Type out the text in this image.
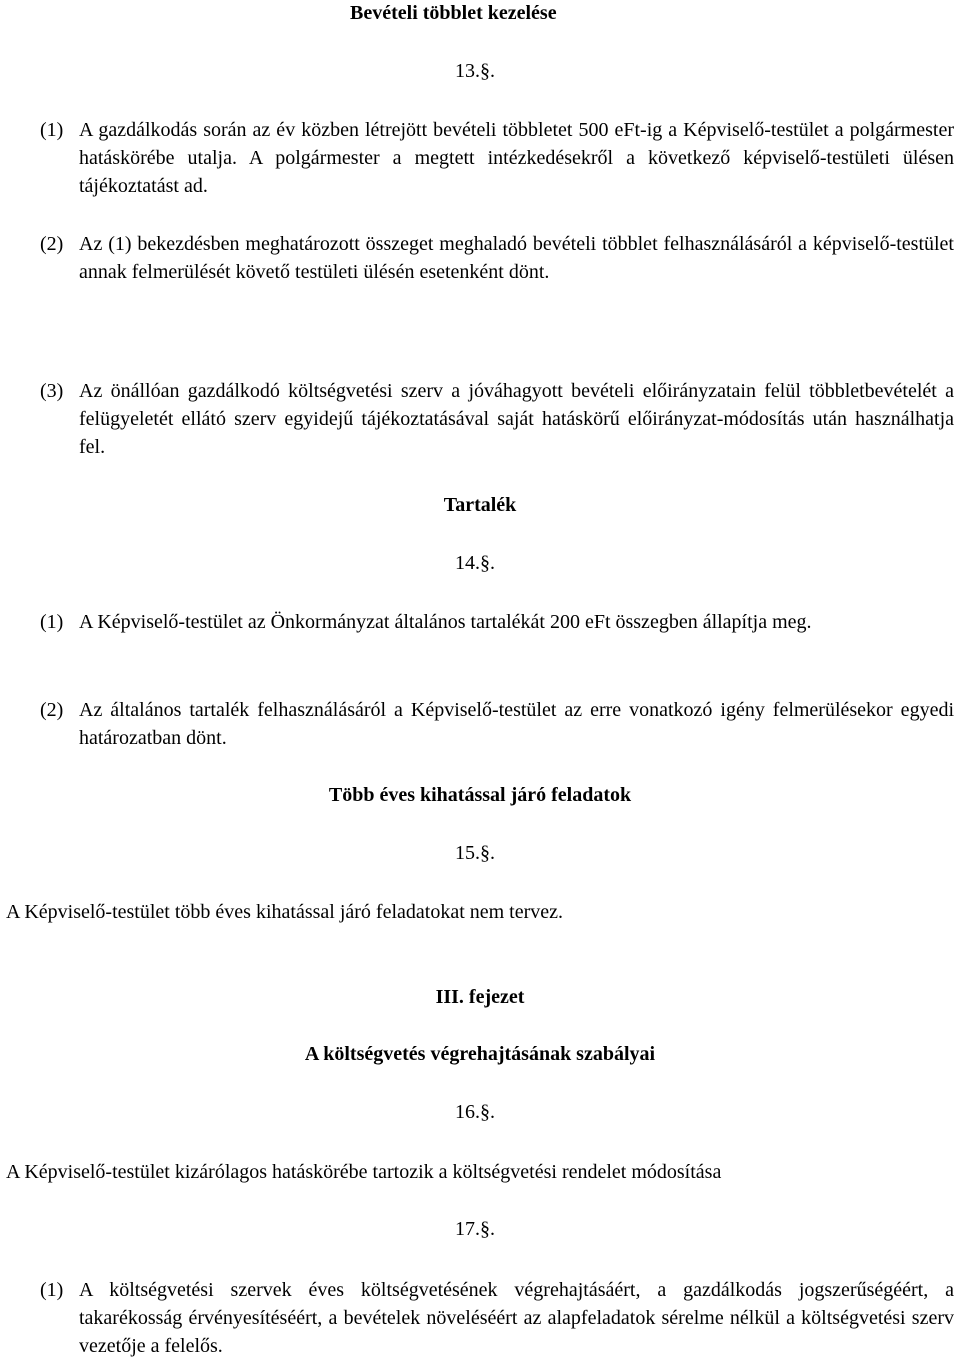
Bevételi többlet kezelése
13.§.
(1) A gazdálkodás során az év közben létrejött bevételi többletet 500 eFt-ig a Képviselő-testület a polgármester hatáskörébe utalja. A polgármester a megtett intézkedésekről a következő képviselő-testületi ülésen tájékoztatást ad.
(2) Az (1) bekezdésben meghatározott összeget meghaladó bevételi többlet felhasználásáról a képviselő-testület annak felmerülését követő testületi ülésén esetenként dönt.
(3) Az önállóan gazdálkodó költségvetési szerv a jóváhagyott bevételi előirányzatain felül többletbevételét a felügyeletét ellátó szerv egyidejű tájékoztatásával saját hatáskörű előirányzat-módosítás után használhatja fel.
Tartalék
14.§.
(1) A Képviselő-testület az Önkormányzat általános tartalékát 200 eFt összegben állapítja meg.
(2) Az általános tartalék felhasználásáról a Képviselő-testület az erre vonatkozó igény felmerülésekor egyedi határozatban dönt.
Több éves kihatással járó feladatok
15.§.
A Képviselő-testület több éves kihatással járó feladatokat nem tervez.
III. fejezet
A költségvetés végrehajtásának szabályai
16.§.
A Képviselő-testület kizárólagos hatáskörébe tartozik a költségvetési rendelet módosítása
17.§.
(1) A költségvetési szervek éves költségvetésének végrehajtásáért, a gazdálkodás jogszerűségéért, a takarékosság érvényesítéséért, a bevételek növeléséért az alapfeladatok sérelme nélkül a költségvetési szerv vezetője a felelős.
